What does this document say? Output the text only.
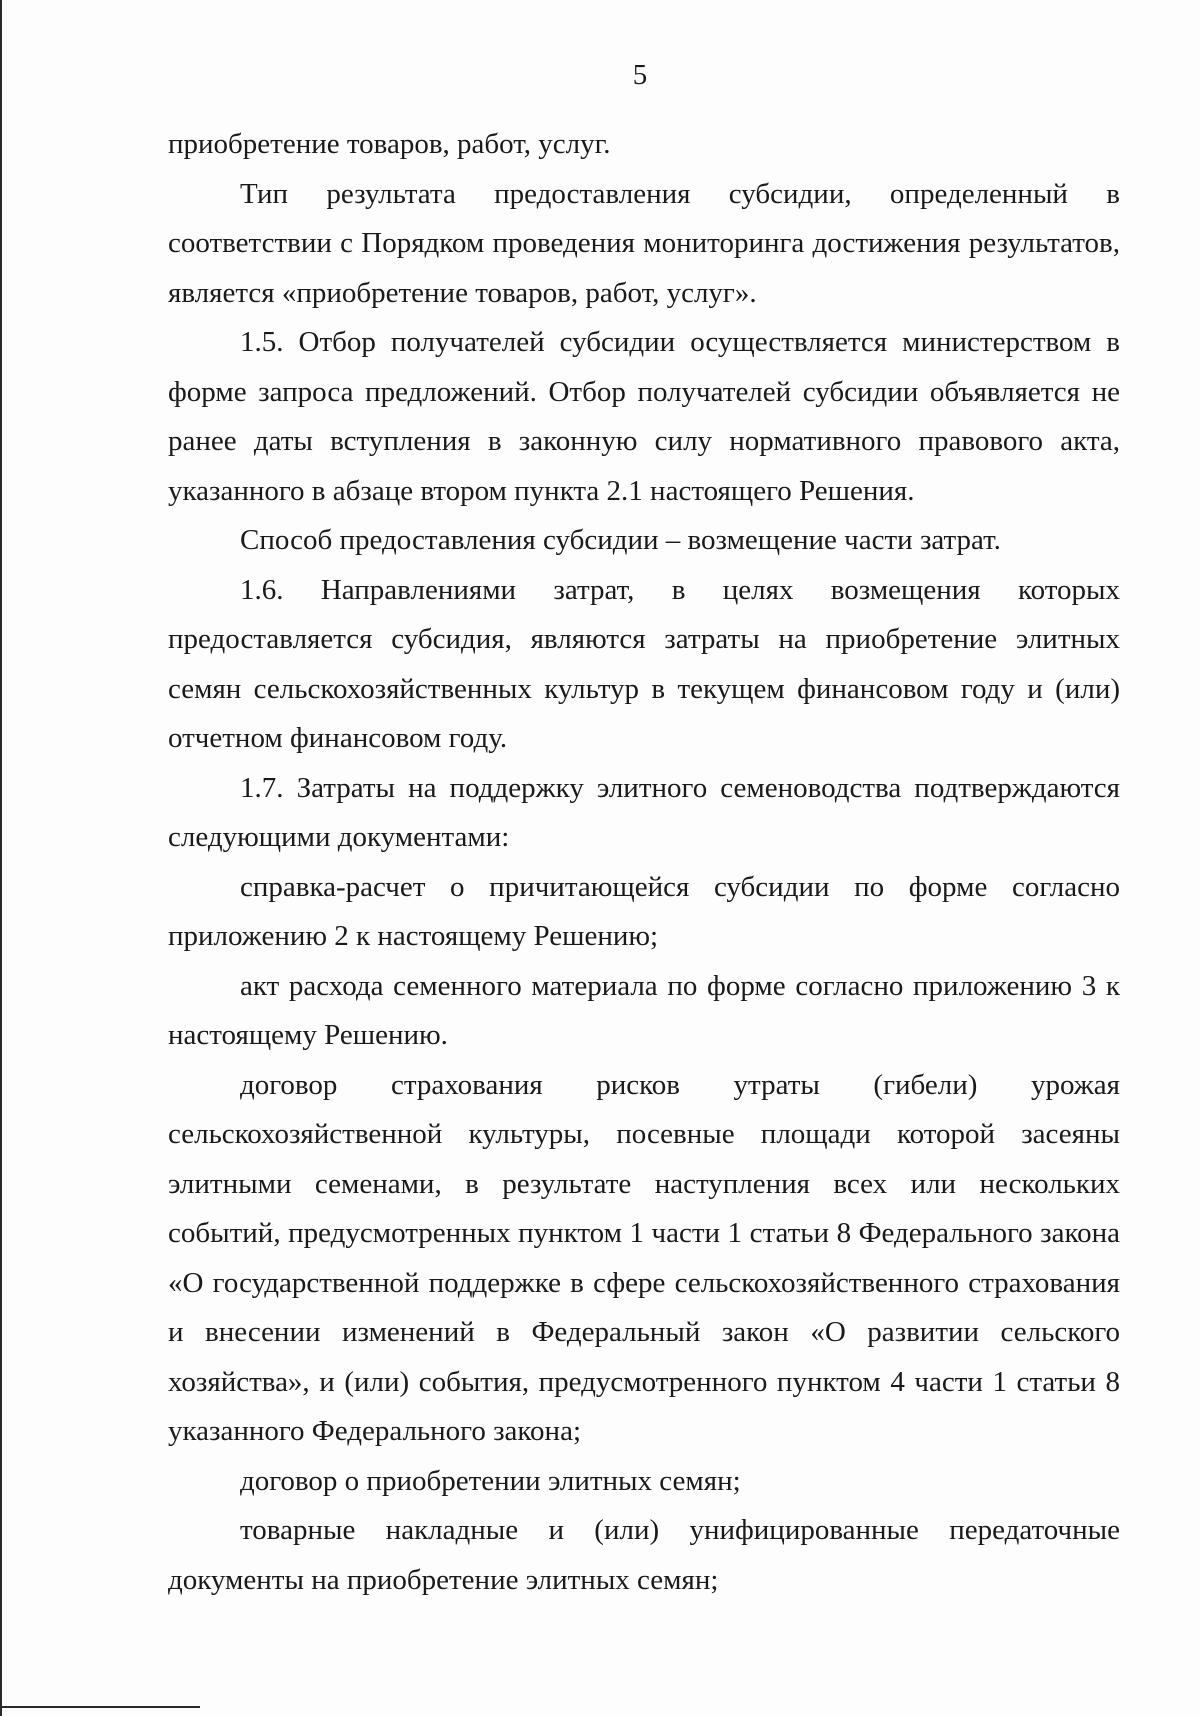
5

приобретение товаров, работ, услуг.

Тип результата предоставления субсидии, определенный в соответствии с Порядком проведения мониторинга достижения результатов, является «приобретение товаров, работ, услуг».

1.5. Отбор получателей субсидии осуществляется министерством в форме запроса предложений. Отбор получателей субсидии объявляется не ранее даты вступления в законную силу нормативного правового акта, указанного в абзаце втором пункта 2.1 настоящего Решения.

Способ предоставления субсидии – возмещение части затрат.

1.6. Направлениями затрат, в целях возмещения которых предоставляется субсидия, являются затраты на приобретение элитных семян сельскохозяйственных культур в текущем финансовом году и (или) отчетном финансовом году.

1.7. Затраты на поддержку элитного семеноводства подтверждаются следующими документами:

справка-расчет о причитающейся субсидии по форме согласно приложению 2 к настоящему Решению;

акт расхода семенного материала по форме согласно приложению 3 к настоящему Решению.

договор страхования рисков утраты (гибели) урожая сельскохозяйственной культуры, посевные площади которой засеяны элитными семенами, в результате наступления всех или нескольких событий, предусмотренных пунктом 1 части 1 статьи 8 Федерального закона «О государственной поддержке в сфере сельскохозяйственного страхования и внесении изменений в Федеральный закон «О развитии сельского хозяйства», и (или) события, предусмотренного пунктом 4 части 1 статьи 8 указанного Федерального закона;

договор о приобретении элитных семян;

товарные накладные и (или) унифицированные передаточные документы на приобретение элитных семян;
